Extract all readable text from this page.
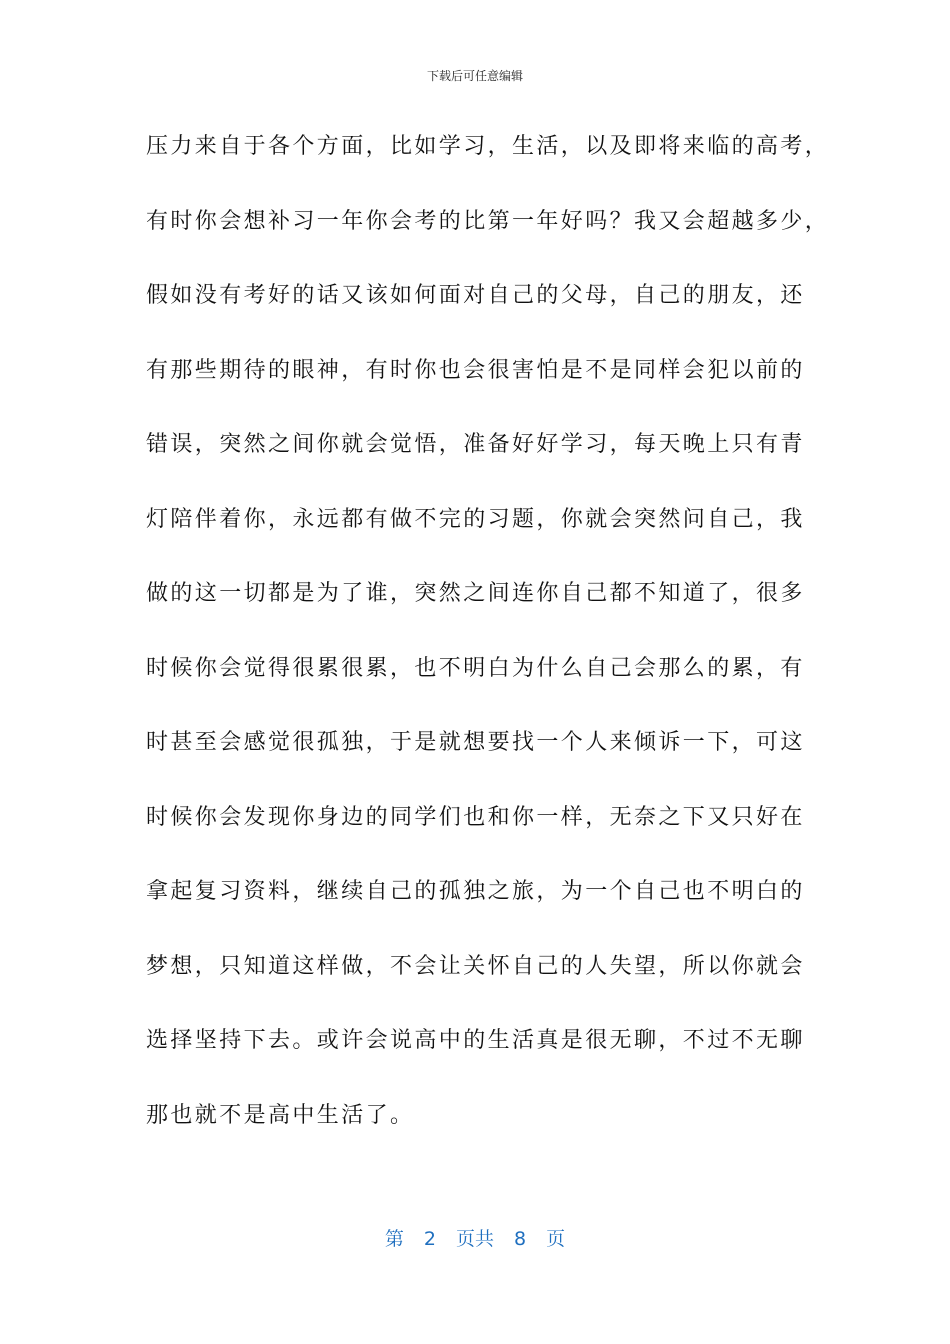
下载后可任意编辑
压力来自于各个方面，比如学习，生活，以及即将来临的高考，
有时你会想补习一年你会考的比第一年好吗？我又会超越多少，
假如没有考好的话又该如何面对自己的父母，自己的朋友，还
有那些期待的眼神，有时你也会很害怕是不是同样会犯以前的
错误，突然之间你就会觉悟，准备好好学习，每天晚上只有青
灯陪伴着你，永远都有做不完的习题，你就会突然问自己，我
做的这一切都是为了谁，突然之间连你自己都不知道了，很多
时候你会觉得很累很累，也不明白为什么自己会那么的累，有
时甚至会感觉很孤独，于是就想要找一个人来倾诉一下，可这
时候你会发现你身边的同学们也和你一样，无奈之下又只好在
拿起复习资料，继续自己的孤独之旅，为一个自己也不明白的
梦想，只知道这样做，不会让关怀自己的人失望，所以你就会
选择坚持下去。或许会说高中的生活真是很无聊，不过不无聊
那也就不是高中生活了。
第 2 页共 8 页
